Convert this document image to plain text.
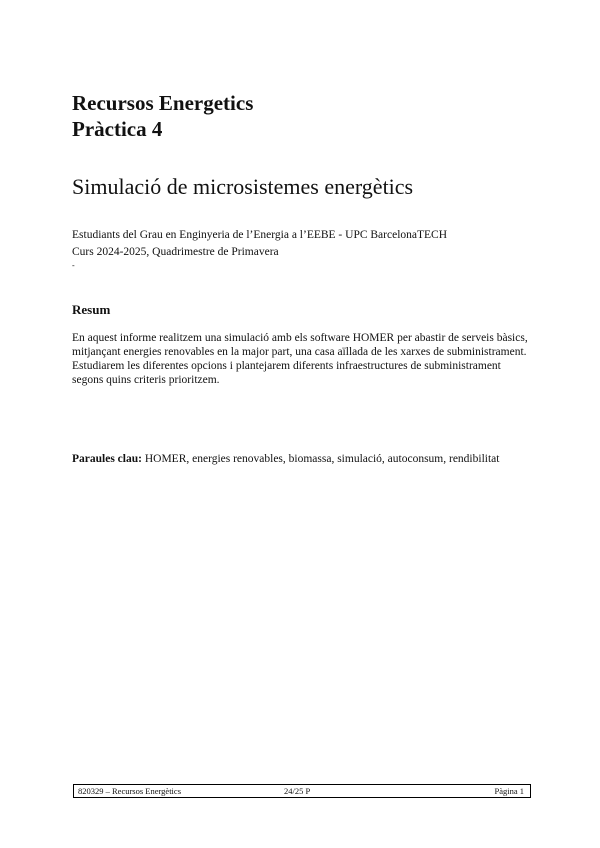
Recursos Energetics
Pràctica 4
Simulació de microsistemes energètics
Estudiants del Grau en Enginyeria de l’Energia a l’EEBE - UPC BarcelonaTECH
Curs 2024-2025, Quadrimestre de Primavera
-
Resum

En aquest informe realitzem una simulació amb els software HOMER per abastir de serveis bàsics, mitjançant energies renovables en la major part, una casa aïllada de les xarxes de subministrament.

Estudiarem les diferentes opcions i plantejarem diferents infraestructures de subministrament segons quins criteris prioritzem.

Paraules clau: HOMER, energies renovables, biomassa, simulació, autoconsum, rendibilitat
820329 – Recursos Energètics	24/25 P	Pàgina 1
